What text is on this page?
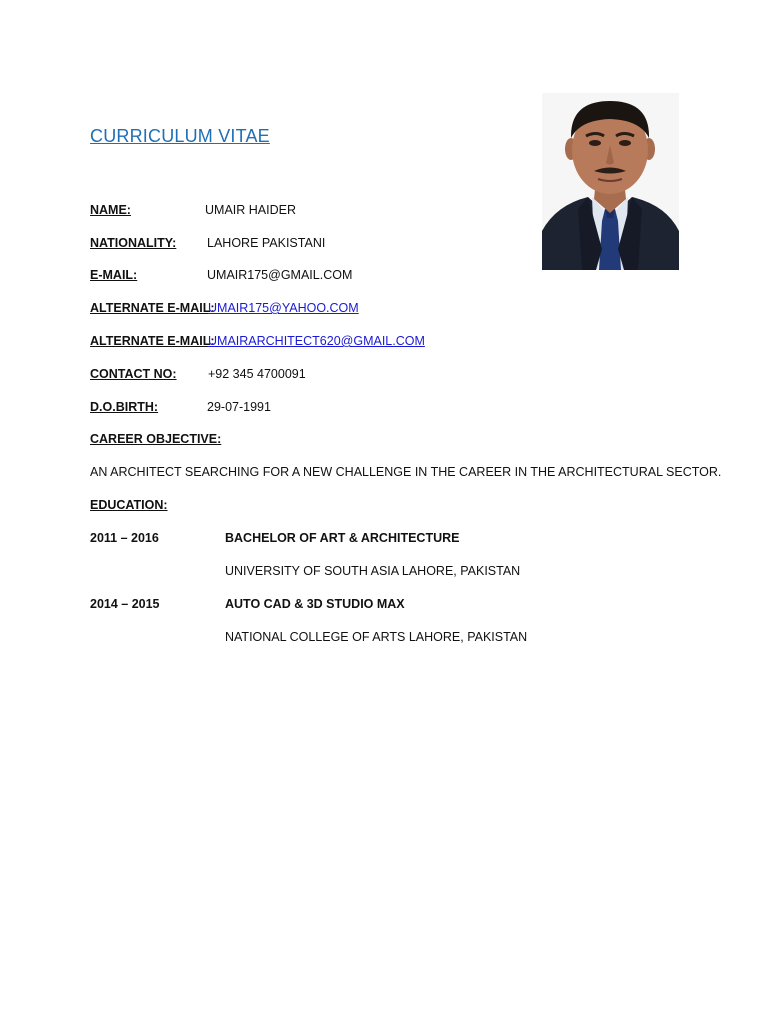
CURRICULUM VITAE
NAME:	UMAIR HAIDER
NATIONALITY: LAHORE PAKISTANI
E-MAIL:	UMAIR175@GMAIL.COM
ALTERNATE E-MAIL:
UMAIR175@YAHOO.COM
ALTERNATE E-MAIL:
UMAIRARCHITECT620@GMAIL.COM
CONTACT NO:	+92 345 4700091
D.O.BIRTH:	29-07-1991
CAREER OBJECTIVE:
AN ARCHITECT SEARCHING FOR A NEW CHALLENGE IN THE CAREER IN THE ARCHITECTURAL SECTOR.
EDUCATION:
2011 – 2016	BACHELOR OF ART & ARCHITECTURE
UNIVERSITY OF SOUTH ASIA LAHORE, PAKISTAN
2014 – 2015	AUTO CAD & 3D STUDIO MAX
NATIONAL COLLEGE OF ARTS LAHORE, PAKISTAN
